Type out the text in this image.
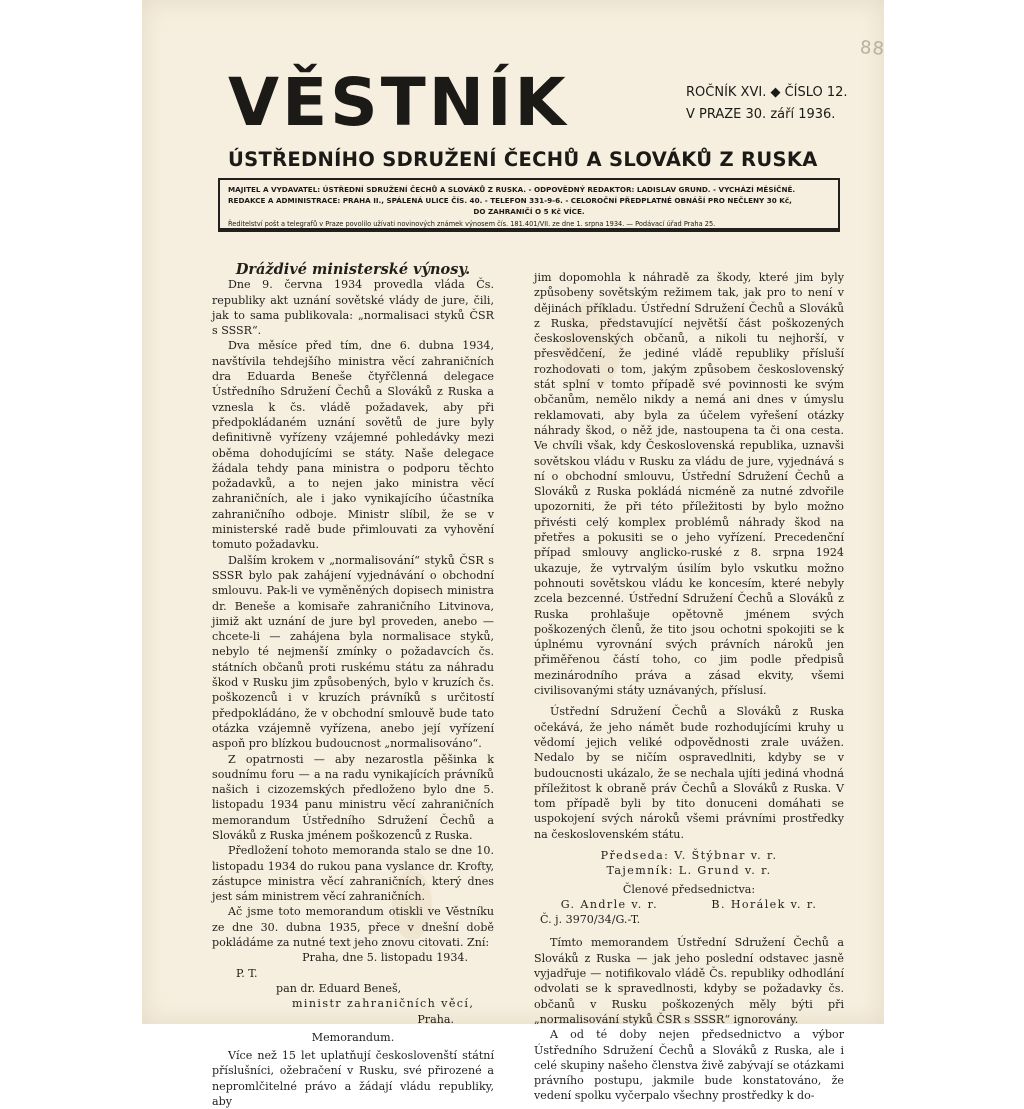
88
VĚSTNÍK	ROČNÍK XVI. ◆ ČÍSLO 12.
V PRAZE 30. září 1936.
ÚSTŘEDNÍHO SDRUŽENÍ ČECHŮ A SLOVÁKŮ Z RUSKA
MAJITEL A VYDAVATEL: ÚSTŘEDNÍ SDRUŽENÍ ČECHŮ A SLOVÁKŮ Z RUSKA. - ODPOVĚDNÝ REDAKTOR: LADISLAV GRUND. - VYCHÁZÍ MĚSÍČNĚ.
REDAKCE A ADMINISTRACE: PRAHA II., SPÁLENÁ ULICE ČÍS. 40. - TELEFON 331-9-6. - CELOROČNÍ PŘEDPLATNÉ OBNÁŠÍ PRO NEČLENY 30 Kč,
DO ZAHRANIČÍ O 5 Kč VÍCE.
Ředitelství pošt a telegrafů v Praze povolilo užívati novinových známek výnosem čís. 181.401/VII. ze dne 1. srpna 1934. — Podávací úřad Praha 25.

Dráždivé ministerské výnosy.

Dne 9. června 1934 provedla vláda Čs. republiky akt uznání sovětské vlády de jure, čili, jak to sama publikovala: „normalisaci styků ČSR s SSSR“.

Dva měsíce před tím, dne 6. dubna 1934, navštívila tehdejšího ministra věcí zahraničních dra Eduarda Beneše čtyřčlenná delegace Ústředního Sdružení Čechů a Slováků z Ruska a vznesla k čs. vládě požadavek, aby při předpokládaném uznání sovětů de jure byly definitivně vyřízeny vzájemné pohledávky mezi oběma dohodujícími se státy. Naše delegace žádala tehdy pana ministra o podporu těchto požadavků, a to nejen jako ministra věcí zahraničních, ale i jako vynikajícího účastníka zahraničního odboje. Ministr slíbil, že se v ministerské radě bude přimlouvati za vyhovění tomuto požadavku.

Dalším krokem v „normalisování“ styků ČSR s SSSR bylo pak zahájení vyjednávání o obchodní smlouvu. Pak-li ve vyměněných dopisech ministra dr. Beneše a komisaře zahraničního Litvinova, jimiž akt uznání de jure byl proveden, anebo — chcete-li — zahájena byla normalisace styků, nebylo té nejmenší zmínky o požadavcích čs. státních občanů proti ruskému státu za náhradu škod v Rusku jim způsobených, bylo v kruzích čs. poškozenců i v kruzích právníků s určitostí předpokládáno, že v obchodní smlouvě bude tato otázka vzájemně vyřízena, anebo její vyřízení aspoň pro blízkou budoucnost „normalisováno“.

Z opatrnosti — aby nezarostla pěšinka k soudnímu foru — a na radu vynikajících právníků našich i cizozemských předloženo bylo dne 5. listopadu 1934 panu ministru věcí zahraničních memorandum Ústředního Sdružení Čechů a Slováků z Ruska jménem poškozenců z Ruska.

Předložení tohoto memoranda stalo se dne 10. listopadu 1934 do rukou pana vyslance dr. Krofty, zástupce ministra věcí zahraničních, který dnes jest sám ministrem věcí zahraničních.

Ač jsme toto memorandum otiskli ve Věstníku ze dne 30. dubna 1935, přece v dnešní době pokládáme za nutné text jeho znovu citovati. Zní:

Praha, dne 5. listopadu 1934.

P. T.

pan dr. Eduard Beneš,

ministr zahraničních věcí,

Praha.

Memorandum.

Více než 15 let uplatňují českoslovenští státní příslušníci, ožebračení v Rusku, své přirozené a nepromlčitelné právo a žádají vládu republiky, aby

jim dopomohla k náhradě za škody, které jim byly způsobeny sovětským režimem tak, jak pro to není v dějinách příkladu. Ústřední Sdružení Čechů a Slováků z Ruska, představující největší část poškozených československých občanů, a nikoli tu nejhorší, v přesvědčení, že jediné vládě republiky přísluší rozhodovati o tom, jakým způsobem československý stát splní v tomto případě své povinnosti ke svým občanům, nemělo nikdy a nemá ani dnes v úmyslu reklamovati, aby byla za účelem vyřešení otázky náhrady škod, o něž jde, nastoupena ta či ona cesta. Ve chvíli však, kdy Československá republika, uznavši sovětskou vládu v Rusku za vládu de jure, vyjednává s ní o obchodní smlouvu, Ústřední Sdružení Čechů a Slováků z Ruska pokládá nicméně za nutné zdvořile upozorniti, že při této příležitosti by bylo možno přivésti celý komplex problémů náhrady škod na přetřes a pokusiti se o jeho vyřízení. Precedenční případ smlouvy anglicko-ruské z 8. srpna 1924 ukazuje, že vytrvalým úsilím bylo vskutku možno pohnouti sovětskou vládu ke koncesím, které nebyly zcela bezcenné. Ústřední Sdružení Čechů a Slováků z Ruska prohlašuje opětovně jménem svých poškozených členů, že tito jsou ochotni spokojiti se k úplnému vyrovnání svých právních nároků jen přiměřenou částí toho, co jim podle předpisů mezinárodního práva a zásad ekvity, všemi civilisovanými státy uznávaných, příslusí.

Ústřední Sdružení Čechů a Slováků z Ruska očekává, že jeho námět bude rozhodujícími kruhy u vědomí jejich veliké odpovědnosti zrale uvážen. Nedalo by se ničím ospravedlniti, kdyby se v budoucnosti ukázalo, že se nechala ujíti jediná vhodná příležitost k obraně práv Čechů a Slováků z Ruska. V tom případě byli by tito donuceni domáhati se uspokojení svých nároků všemi právními prostředky na československém státu.

Předseda: V. Štýbnar v. r.

Tajemník: L. Grund v. r.

Členové předsednictva:

G. Andrle v. r.	B. Horálek v. r.

Č. j. 3970/34/G.-T.

Tímto memorandem Ústřední Sdružení Čechů a Slováků z Ruska — jak jeho poslední odstavec jasně vyjadřuje — notifikovalo vládě Čs. republiky odhodlání odvolati se k spravedlnosti, kdyby se požadavky čs. občanů v Rusku poškozených měly býti při „normalisování styků ČSR s SSSR“ ignorovány.

A od té doby nejen předsednictvo a výbor Ústředního Sdružení Čechů a Slováků z Ruska, ale i celé skupiny našeho členstva živě zabývají se otázkami právního postupu, jakmile bude konstatováno, že vedení spolku vyčerpalo všechny prostředky k do-
